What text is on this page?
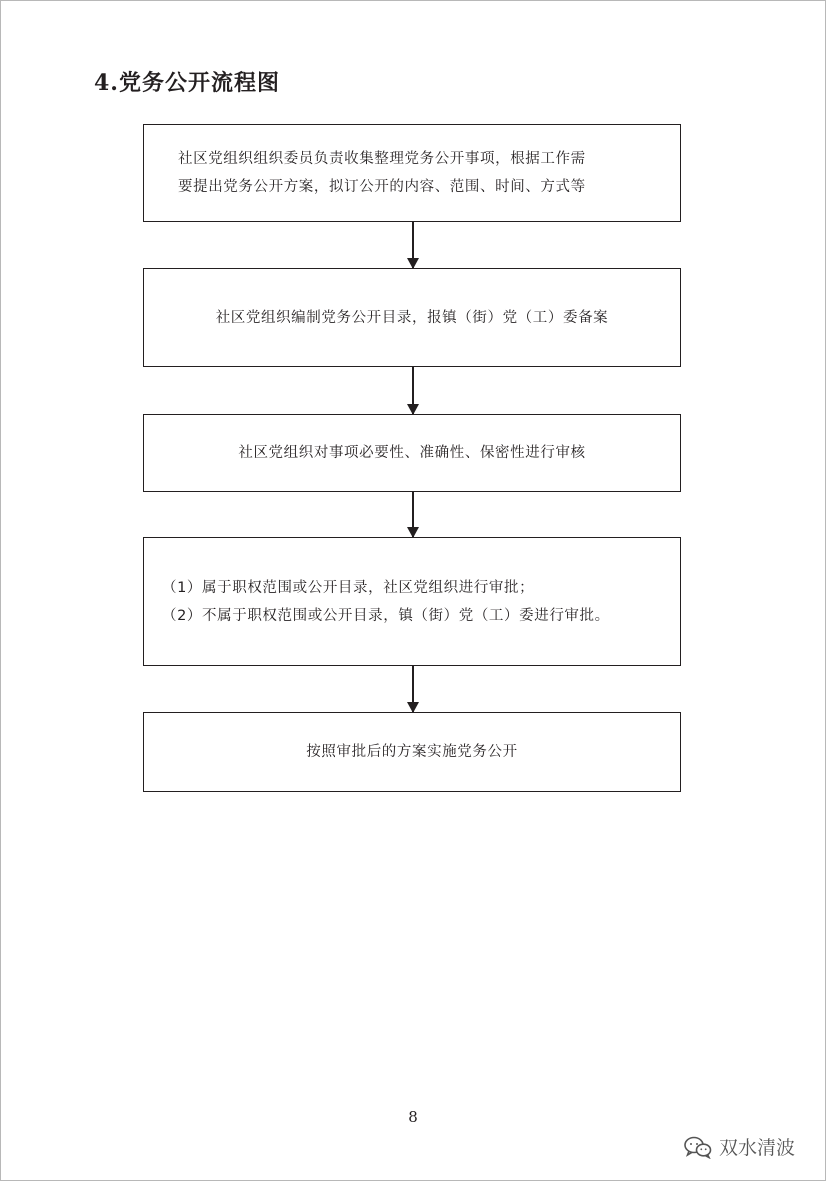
4.党务公开流程图
社区党组织组织委员负责收集整理党务公开事项，根据工作需
要提出党务公开方案，拟订公开的内容、范围、时间、方式等
社区党组织编制党务公开目录，报镇（街）党（工）委备案
社区党组织对事项必要性、准确性、保密性进行审核
（1）属于职权范围或公开目录，社区党组织进行审批；
（2）不属于职权范围或公开目录，镇（街）党（工）委进行审批。
按照审批后的方案实施党务公开
8
双水清波
